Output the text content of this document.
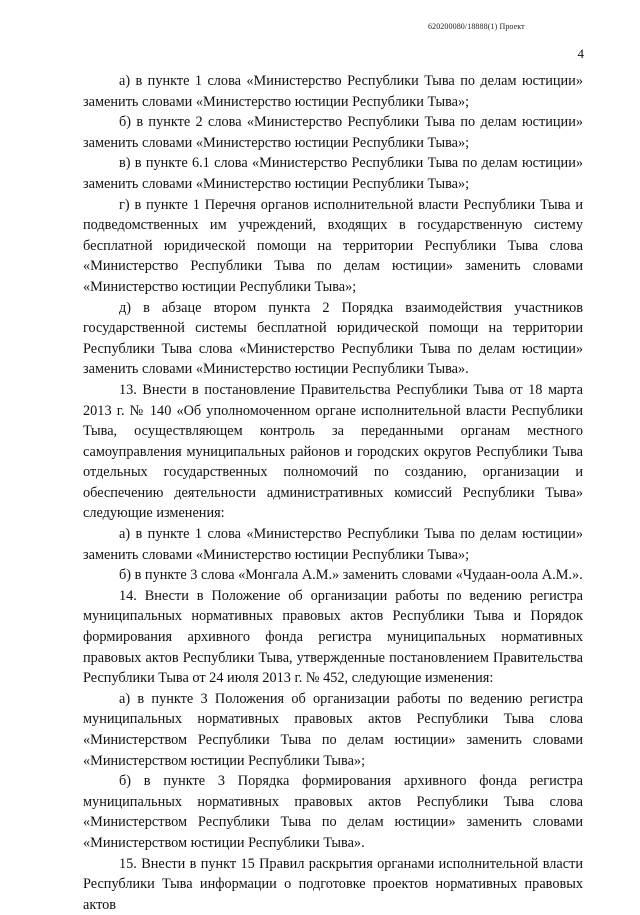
620200080/18888(1) Проект
4

а) в пункте 1 слова «Министерство Республики Тыва по делам юстиции» заменить словами «Министерство юстиции Республики Тыва»;

б) в пункте 2 слова «Министерство Республики Тыва по делам юстиции» заменить словами «Министерство юстиции Республики Тыва»;

в) в пункте 6.1 слова «Министерство Республики Тыва по делам юстиции» заменить словами «Министерство юстиции Республики Тыва»;

г) в пункте 1 Перечня органов исполнительной власти Республики Тыва и подведомственных им учреждений, входящих в государственную систему бесплатной юридической помощи на территории Республики Тыва слова «Министерство Республики Тыва по делам юстиции» заменить словами «Министерство юстиции Республики Тыва»;

д) в абзаце втором пункта 2 Порядка взаимодействия участников государственной системы бесплатной юридической помощи на территории Республики Тыва слова «Министерство Республики Тыва по делам юстиции» заменить словами «Министерство юстиции Республики Тыва».

13. Внести в постановление Правительства Республики Тыва от 18 марта 2013 г. № 140 «Об уполномоченном органе исполнительной власти Республики Тыва, осуществляющем контроль за переданными органам местного самоуправления муниципальных районов и городских округов Республики Тыва отдельных государственных полномочий по созданию, организации и обеспечению деятельности административных комиссий Республики Тыва» следующие изменения:

а) в пункте 1 слова «Министерство Республики Тыва по делам юстиции» заменить словами «Министерство юстиции Республики Тыва»;

б) в пункте 3 слова «Монгала А.М.» заменить словами «Чудаан-оола А.М.».

14. Внести в Положение об организации работы по ведению регистра муниципальных нормативных правовых актов Республики Тыва и Порядок формирования архивного фонда регистра муниципальных нормативных правовых актов Республики Тыва, утвержденные постановлением Правительства Республики Тыва от 24 июля 2013 г. № 452, следующие изменения:

а) в пункте 3 Положения об организации работы по ведению регистра муниципальных нормативных правовых актов Республики Тыва слова «Министерством Республики Тыва по делам юстиции» заменить словами «Министерством юстиции Республики Тыва»;

б) в пункте 3 Порядка формирования архивного фонда регистра муниципальных нормативных правовых актов Республики Тыва слова «Министерством Республики Тыва по делам юстиции» заменить словами «Министерством юстиции Республики Тыва».

15. Внести в пункт 15 Правил раскрытия органами исполнительной власти Республики Тыва информации о подготовке проектов нормативных правовых актов
